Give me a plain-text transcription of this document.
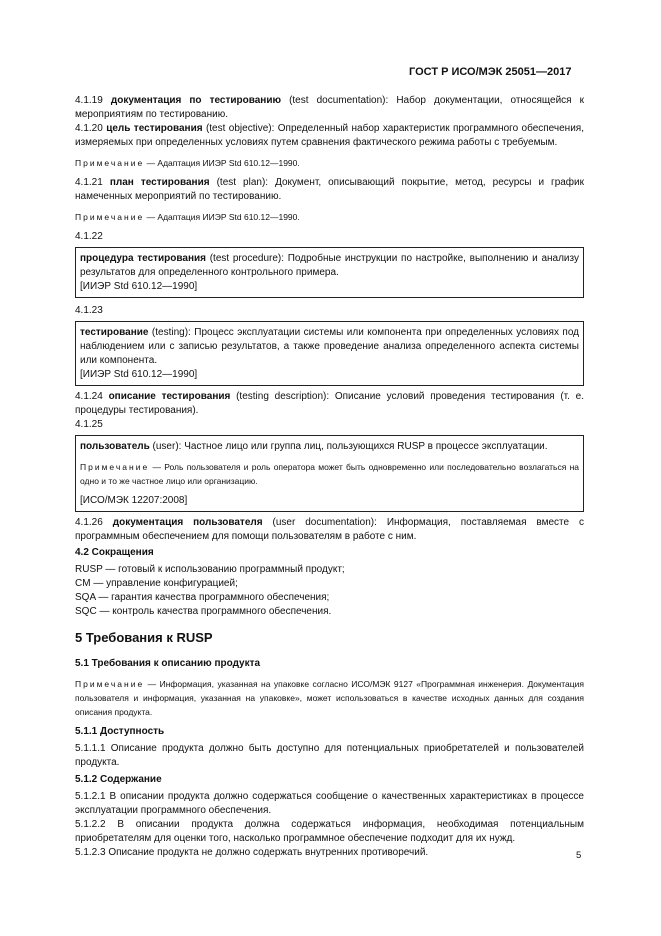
ГОСТ Р ИСО/МЭК 25051—2017

4.1.19 документация по тестированию (test documentation): Набор документации, относящейся к мероприятиям по тестированию.

4.1.20 цель тестирования (test objective): Определенный набор характеристик программного обеспечения, измеряемых при определенных условиях путем сравнения фактического режима работы с требуемым.

Примечание — Адаптация ИИЭР Std 610.12—1990.

4.1.21 план тестирования (test plan): Документ, описывающий покрытие, метод, ресурсы и график намеченных мероприятий по тестированию.

Примечание — Адаптация ИИЭР Std 610.12—1990.

4.1.22

процедура тестирования (test procedure): Подробные инструкции по настройке, выполнению и анализу результатов для определенного контрольного примера.

[ИИЭР Std 610.12—1990]

4.1.23

тестирование (testing): Процесс эксплуатации системы или компонента при определенных условиях под наблюдением или с записью результатов, а также проведение анализа определенного аспекта системы или компонента.

[ИИЭР Std 610.12—1990]

4.1.24 описание тестирования (testing description): Описание условий проведения тестирования (т. е. процедуры тестирования).

4.1.25

пользователь (user): Частное лицо или группа лиц, пользующихся RUSP в процессе эксплуатации.

Примечание — Роль пользователя и роль оператора может быть одновременно или последовательно возлагаться на одно и то же частное лицо или организацию.

[ИСО/МЭК 12207:2008]

4.1.26 документация пользователя (user documentation): Информация, поставляемая вместе с программным обеспечением для помощи пользователям в работе с ним.

4.2 Сокращения

RUSP — готовый к использованию программный продукт;

CM — управление конфигурацией;

SQA — гарантия качества программного обеспечения;

SQC — контроль качества программного обеспечения.

5 Требования к RUSP

5.1 Требования к описанию продукта

Примечание — Информация, указанная на упаковке согласно ИСО/МЭК 9127 «Программная инженерия. Документация пользователя и информация, указанная на упаковке», может использоваться в качестве исходных данных для создания описания продукта.

5.1.1 Доступность

5.1.1.1 Описание продукта должно быть доступно для потенциальных приобретателей и пользователей продукта.

5.1.2 Содержание

5.1.2.1 В описании продукта должно содержаться сообщение о качественных характеристиках в процессе эксплуатации программного обеспечения.

5.1.2.2 В описании продукта должна содержаться информация, необходимая потенциальным приобретателям для оценки того, насколько программное обеспечение подходит для их нужд.

5.1.2.3 Описание продукта не должно содержать внутренних противоречий.	5
